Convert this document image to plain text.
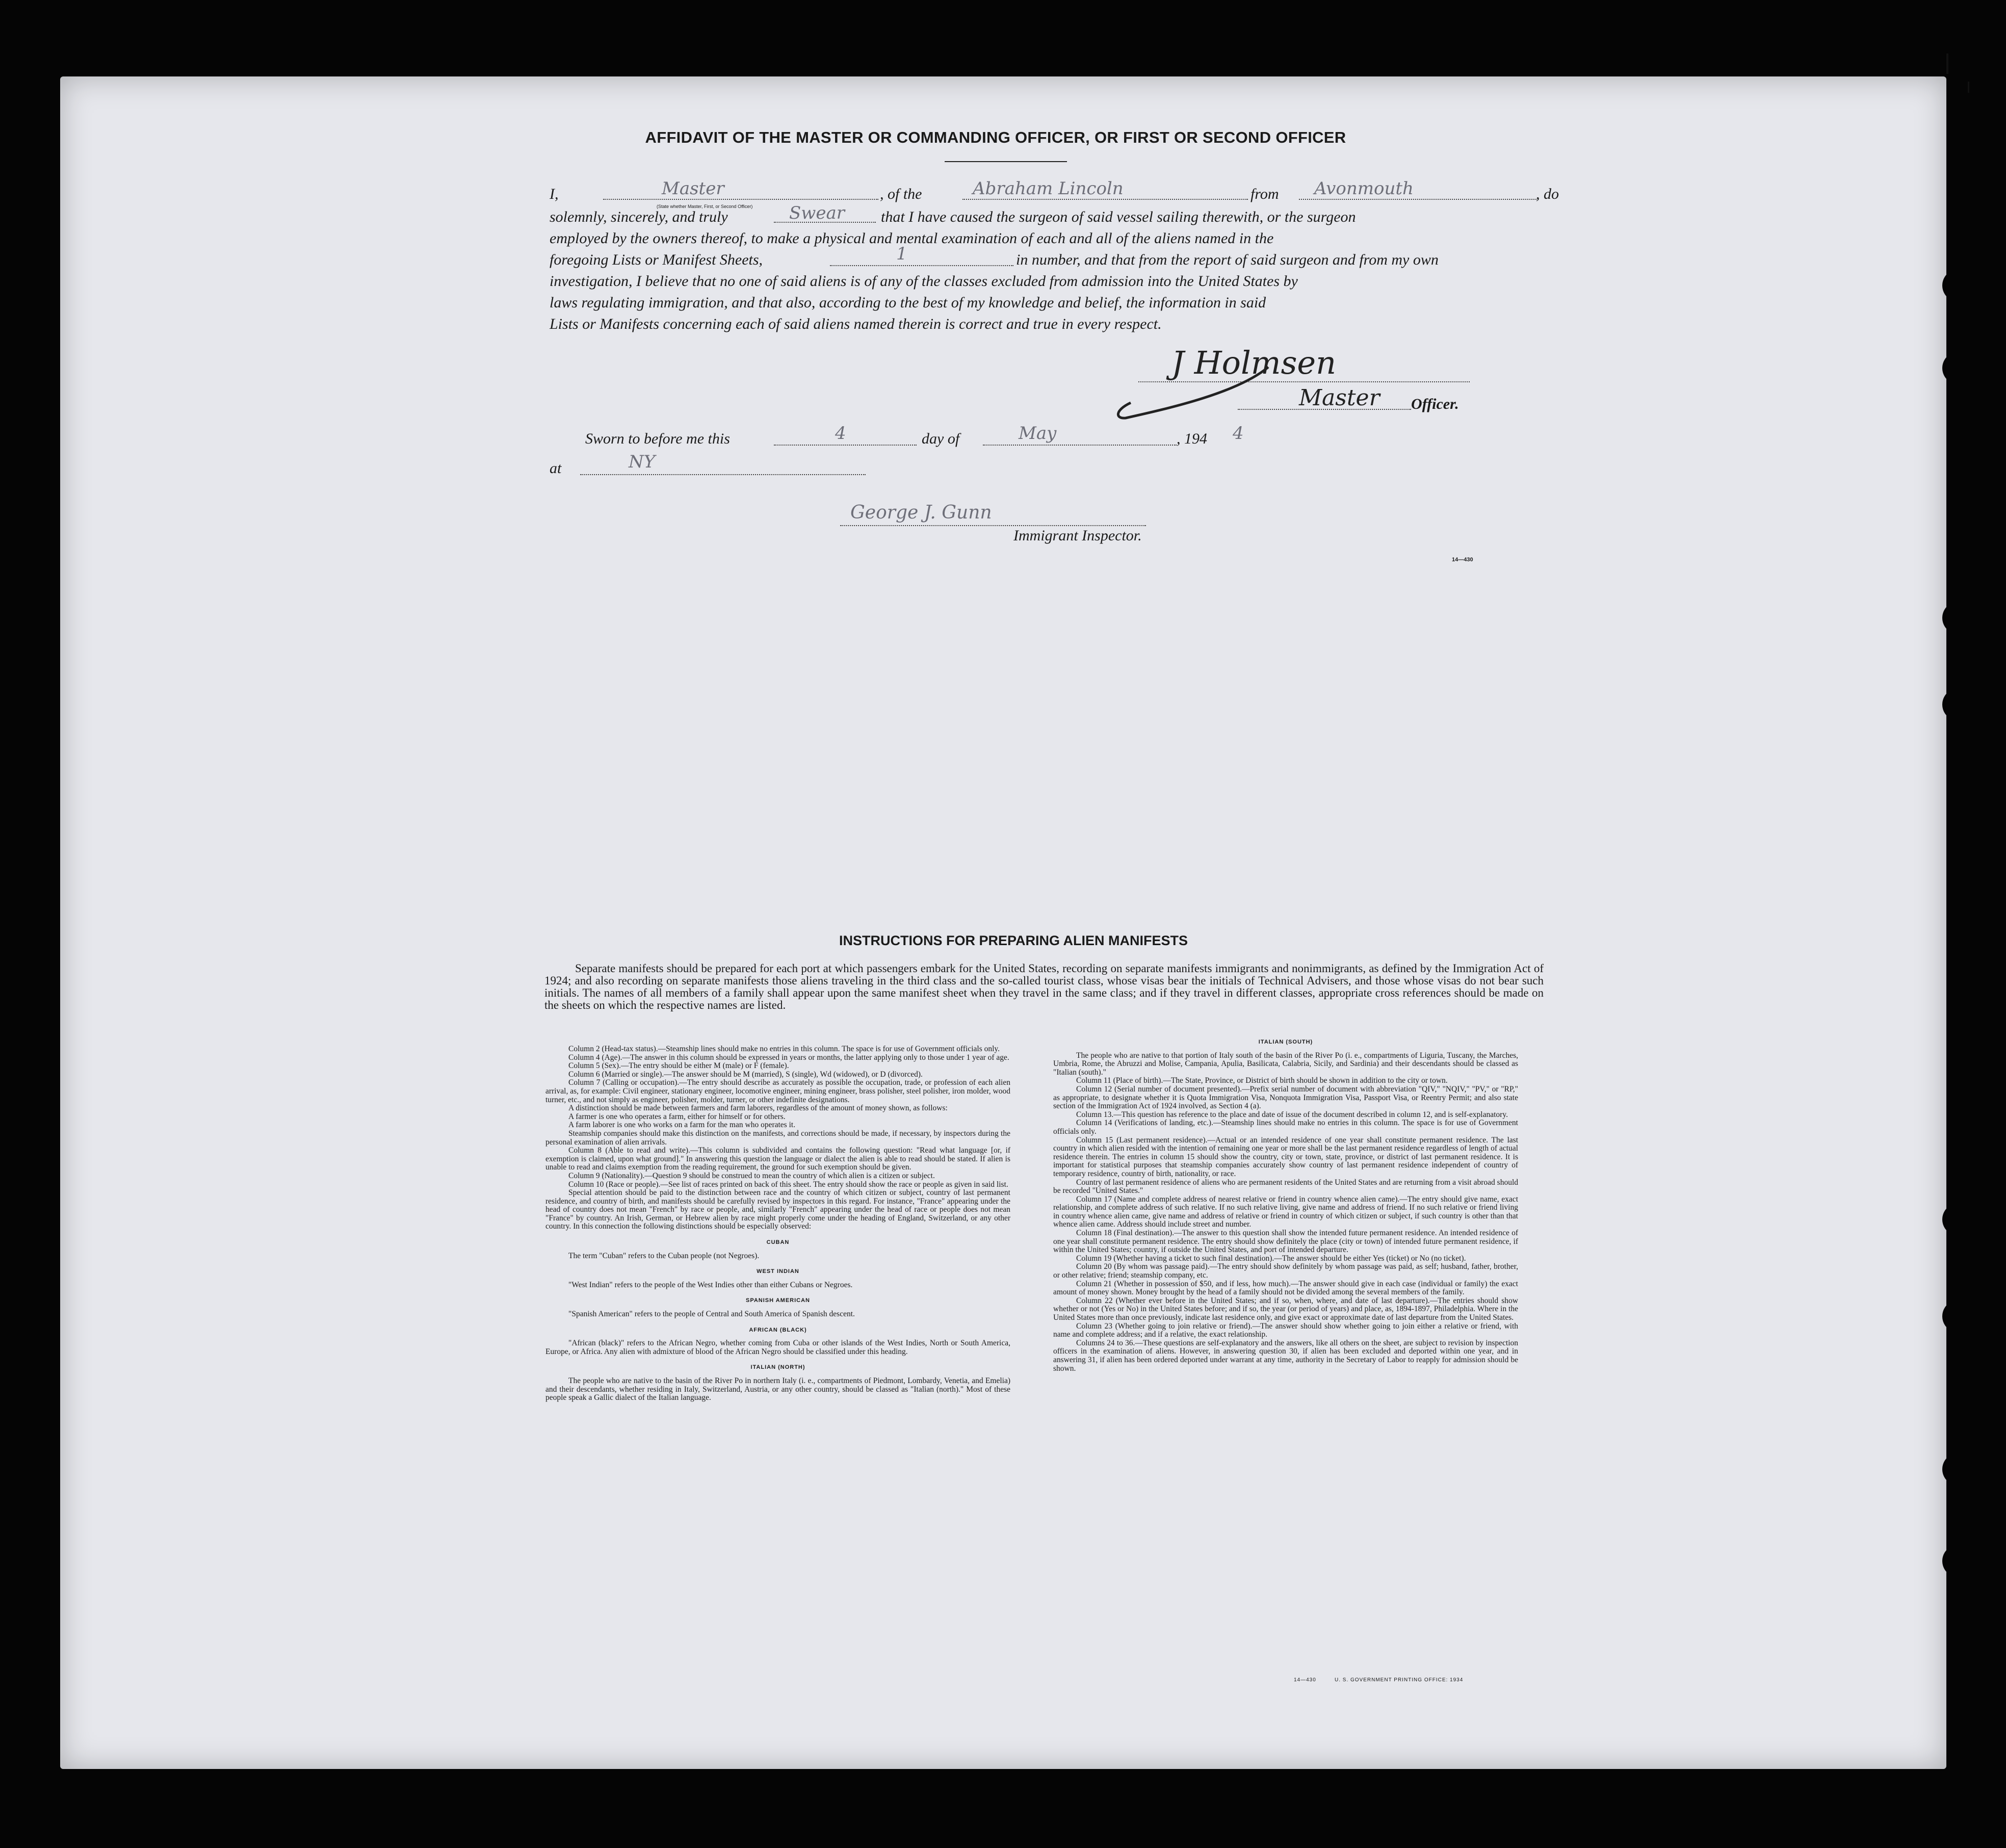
AFFIDAVIT OF THE MASTER OR COMMANDING OFFICER, OR FIRST OR SECOND OFFICER
I,	Master
(State whether Master, First, or Second Officer)
, of the	Abraham Lincoln	from Avonmouth	, do
solemnly, sincerely, and truly	Swear that I have caused the surgeon of said vessel sailing therewith, or the surgeon
employed by the owners thereof, to make a physical and mental examination of each and all of the aliens named in the
foregoing Lists or Manifest Sheets,	1	in number, and that from the report of said surgeon and from my own
investigation, I believe that no one of said aliens is of any of the classes excluded from admission into the United States by
laws regulating immigration, and that also, according to the best of my knowledge and belief, the information in said
Lists or Manifests concerning each of said aliens named therein is correct and true in every respect.
J Holmsen
Master Officer.
Sworn to before me this	4	day of	May	, 194 4
at	NY
George J. Gunn
Immigrant Inspector.
14—430
INSTRUCTIONS FOR PREPARING ALIEN MANIFESTS
Separate manifests should be prepared for each port at which passengers embark for the United States, recording on separate manifests immigrants and nonimmigrants, as defined by the Immigration Act of 1924; and also recording on separate manifests those aliens traveling in the third class and the so-called tourist class, whose visas bear the initials of Technical Advisers, and those whose visas do not bear such initials. The names of all members of a family shall appear upon the same manifest sheet when they travel in the same class; and if they travel in different classes, appropriate cross references should be made on the sheets on which the respective names are listed.

Column 2 (Head-tax status).—Steamship lines should make no entries in this column. The space is for use of Government officials only.

Column 4 (Age).—The answer in this column should be expressed in years or months, the latter applying only to those under 1 year of age.

Column 5 (Sex).—The entry should be either M (male) or F (female).

Column 6 (Married or single).—The answer should be M (married), S (single), Wd (widowed), or D (divorced).

Column 7 (Calling or occupation).—The entry should describe as accurately as possible the occupation, trade, or profession of each alien arrival, as, for example: Civil engineer, stationary engineer, locomotive engineer, mining engineer, brass polisher, steel polisher, iron molder, wood turner, etc., and not simply as engineer, polisher, molder, turner, or other indefinite designations.

A distinction should be made between farmers and farm laborers, regardless of the amount of money shown, as follows:

A farmer is one who operates a farm, either for himself or for others.

A farm laborer is one who works on a farm for the man who operates it.

Steamship companies should make this distinction on the manifests, and corrections should be made, if necessary, by inspectors during the personal examination of alien arrivals.

Column 8 (Able to read and write).—This column is subdivided and contains the following question: "Read what language [or, if exemption is claimed, upon what ground]." In answering this question the language or dialect the alien is able to read should be stated. If alien is unable to read and claims exemption from the reading requirement, the ground for such exemption should be given.

Column 9 (Nationality).—Question 9 should be construed to mean the country of which alien is a citizen or subject.

Column 10 (Race or people).—See list of races printed on back of this sheet. The entry should show the race or people as given in said list.

Special attention should be paid to the distinction between race and the country of which citizen or subject, country of last permanent residence, and country of birth, and manifests should be carefully revised by inspectors in this regard. For instance, "France" appearing under the head of country does not mean "French" by race or people, and, similarly "French" appearing under the head of race or people does not mean "France" by country. An Irish, German, or Hebrew alien by race might properly come under the heading of England, Switzerland, or any other country. In this connection the following distinctions should be especially observed:

CUBAN

The term "Cuban" refers to the Cuban people (not Negroes).

WEST INDIAN

"West Indian" refers to the people of the West Indies other than either Cubans or Negroes.

SPANISH AMERICAN

"Spanish American" refers to the people of Central and South America of Spanish descent.

AFRICAN (BLACK)

"African (black)" refers to the African Negro, whether coming from Cuba or other islands of the West Indies, North or South America, Europe, or Africa. Any alien with admixture of blood of the African Negro should be classified under this heading.

ITALIAN (NORTH)

The people who are native to the basin of the River Po in northern Italy (i. e., compartments of Piedmont, Lombardy, Venetia, and Emelia) and their descendants, whether residing in Italy, Switzerland, Austria, or any other country, should be classed as "Italian (north)." Most of these people speak a Gallic dialect of the Italian language.

ITALIAN (SOUTH)

The people who are native to that portion of Italy south of the basin of the River Po (i. e., compartments of Liguria, Tuscany, the Marches, Umbria, Rome, the Abruzzi and Molise, Campania, Apulia, Basilicata, Calabria, Sicily, and Sardinia) and their descendants should be classed as "Italian (south)."

Column 11 (Place of birth).—The State, Province, or District of birth should be shown in addition to the city or town.

Column 12 (Serial number of document presented).—Prefix serial number of document with abbreviation "QIV," "NQIV," "PV," or "RP," as appropriate, to designate whether it is Quota Immigration Visa, Nonquota Immigration Visa, Passport Visa, or Reentry Permit; and also state section of the Immigration Act of 1924 involved, as Section 4 (a).

Column 13.—This question has reference to the place and date of issue of the document described in column 12, and is self-explanatory.

Column 14 (Verifications of landing, etc.).—Steamship lines should make no entries in this column. The space is for use of Government officials only.

Column 15 (Last permanent residence).—Actual or an intended residence of one year shall constitute permanent residence. The last country in which alien resided with the intention of remaining one year or more shall be the last permanent residence regardless of length of actual residence therein. The entries in column 15 should show the country, city or town, state, province, or district of last permanent residence. It is important for statistical purposes that steamship companies accurately show country of last permanent residence independent of country of temporary residence, country of birth, nationality, or race.

Country of last permanent residence of aliens who are permanent residents of the United States and are returning from a visit abroad should be recorded "United States."

Column 17 (Name and complete address of nearest relative or friend in country whence alien came).—The entry should give name, exact relationship, and complete address of such relative. If no such relative living, give name and address of friend. If no such relative or friend living in country whence alien came, give name and address of relative or friend in country of which citizen or subject, if such country is other than that whence alien came. Address should include street and number.

Column 18 (Final destination).—The answer to this question shall show the intended future permanent residence. An intended residence of one year shall constitute permanent residence. The entry should show definitely the place (city or town) of intended future permanent residence, if within the United States; country, if outside the United States, and port of intended departure.

Column 19 (Whether having a ticket to such final destination).—The answer should be either Yes (ticket) or No (no ticket).

Column 20 (By whom was passage paid).—The entry should show definitely by whom passage was paid, as self; husband, father, brother, or other relative; friend; steamship company, etc.

Column 21 (Whether in possession of $50, and if less, how much).—The answer should give in each case (individual or family) the exact amount of money shown. Money brought by the head of a family should not be divided among the several members of the family.

Column 22 (Whether ever before in the United States; and if so, when, where, and date of last departure).—The entries should show whether or not (Yes or No) in the United States before; and if so, the year (or period of years) and place, as, 1894-1897, Philadelphia. Where in the United States more than once previously, indicate last residence only, and give exact or approximate date of last departure from the United States.

Column 23 (Whether going to join relative or friend).—The answer should show whether going to join either a relative or friend, with name and complete address; and if a relative, the exact relationship.

Columns 24 to 36.—These questions are self-explanatory and the answers, like all others on the sheet, are subject to revision by inspection officers in the examination of aliens. However, in answering question 30, if alien has been excluded and deported within one year, and in answering 31, if alien has been ordered deported under warrant at any time, authority in the Secretary of Labor to reapply for admission should be shown.

14—430	U. S. GOVERNMENT PRINTING OFFICE: 1934
